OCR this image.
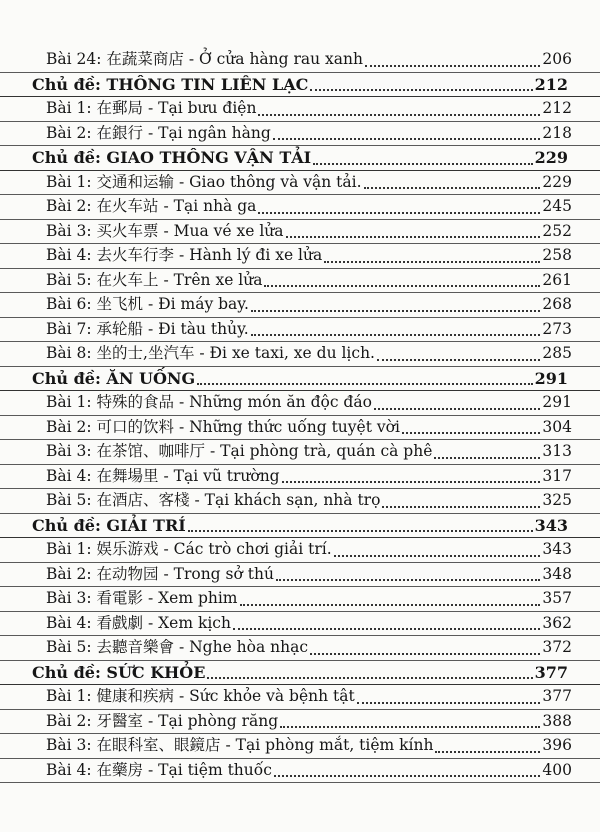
Bài 24: 在蔬菜商店 - Ở cửa hàng rau xanh	206
Chủ đề: THÔNG TIN LIÊN LẠC	212
Bài 1: 在郵局 - Tại bưu điện	212
Bài 2: 在銀行 - Tại ngân hàng	218
Chủ đề: GIAO THÔNG VẬN TẢI	229
Bài 1: 交通和运输 - Giao thông và vận tải.	229
Bài 2: 在火车站 - Tại nhà ga	245
Bài 3: 买火车票 - Mua vé xe lửa	252
Bài 4: 去火车行李 - Hành lý đi xe lửa	258
Bài 5: 在火车上 - Trên xe lửa	261
Bài 6: 坐飞机 - Đi máy bay.	268
Bài 7: 承轮船 - Đi tàu thủy.	273
Bài 8: 坐的士,坐汽车 - Đi xe taxi, xe du lịch.	285
Chủ đề: ĂN UỐNG	291
Bài 1: 特殊的食品 - Những món ăn độc đáo	291
Bài 2: 可口的饮料 - Những thức uống tuyệt vời	304
Bài 3: 在茶馆、咖啡厅 - Tại phòng trà, quán cà phê	313
Bài 4: 在舞場里 - Tại vũ trường	317
Bài 5: 在酒店、客棧 - Tại khách sạn, nhà trọ	325
Chủ đề: GIẢI TRÍ	343
Bài 1: 娱乐游戏 - Các trò chơi giải trí.	343
Bài 2: 在动物园 - Trong sở thú	348
Bài 3: 看電影 - Xem phim	357
Bài 4: 看戲劇 - Xem kịch	362
Bài 5: 去聽音樂會 - Nghe hòa nhạc	372
Chủ đề: SỨC KHỎE	377
Bài 1: 健康和疾病 - Sức khỏe và bệnh tật	377
Bài 2: 牙醫室 - Tại phòng răng	388
Bài 3: 在眼科室、眼鏡店 - Tại phòng mắt, tiệm kính	396
Bài 4: 在藥房 - Tại tiệm thuốc	400
